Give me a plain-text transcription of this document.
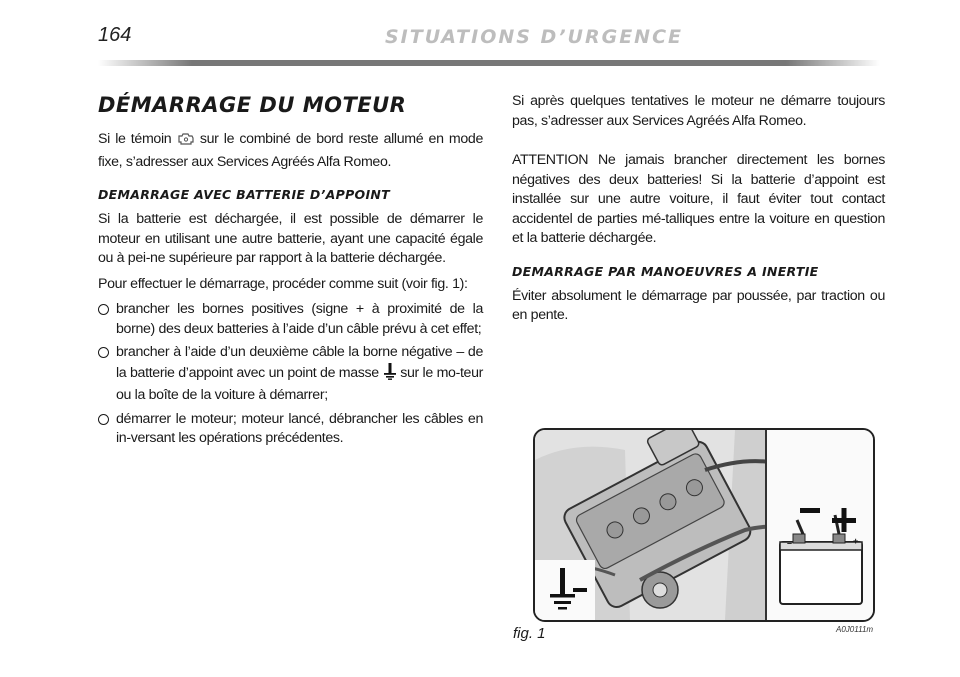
164	SITUATIONS D’URGENCE
DÉMARRAGE DU MOTEUR

Si le témoin sur le combiné de bord reste allumé en mode fixe, s’adresser aux Services Agréés Alfa Romeo.

DEMARRAGE AVEC BATTERIE D’APPOINT

Si la batterie est déchargée, il est possible de démarrer le moteur en utilisant une autre batterie, ayant une capacité égale ou à pei-ne supérieure par rapport à la batterie déchargée.

Pour effectuer le démarrage, procéder comme suit (voir fig. 1):

brancher les bornes positives (signe + à proximité de la borne) des deux batteries à l’aide d’un câble prévu à cet effet;
brancher à l’aide d’un deuxième câble la borne négative – de la batterie d’appoint avec un point de masse sur le mo-teur ou la boîte de la voiture à démarrer;
démarrer le moteur; moteur lancé, débrancher les câbles en in-versant les opérations précédentes.

Si après quelques tentatives le moteur ne démarre toujours pas, s’adresser aux Services Agréés Alfa Romeo.

ATTENTION Ne jamais brancher directement les bornes négatives des deux batteries! Si la batterie d’appoint est installée sur une autre voiture, il faut éviter tout contact accidentel de parties mé-talliques entre la voiture en question et la batterie déchargée.

DEMARRAGE PAR MANOEUVRES A INERTIE

Éviter absolument le démarrage par poussée, par traction ou en pente.

+
–
fig. 1	A0J0111m
